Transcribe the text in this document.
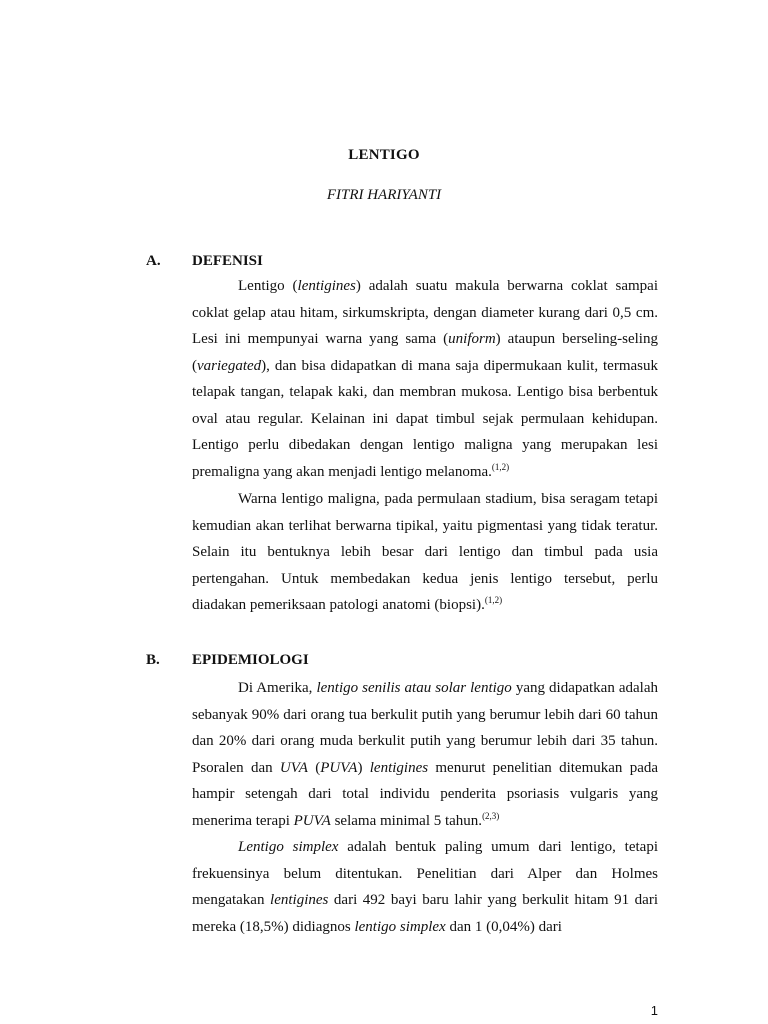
LENTIGO
FITRI HARIYANTI
A. DEFENISI

Lentigo (lentigines) adalah suatu makula berwarna coklat sampai coklat gelap atau hitam, sirkumskripta, dengan diameter kurang dari 0,5 cm. Lesi ini mempunyai warna yang sama (uniform) ataupun berseling-seling (variegated), dan bisa didapatkan di mana saja dipermukaan kulit, termasuk telapak tangan, telapak kaki, dan membran mukosa. Lentigo bisa berbentuk oval atau regular. Kelainan ini dapat timbul sejak permulaan kehidupan. Lentigo perlu dibedakan dengan lentigo maligna yang merupakan lesi premaligna yang akan menjadi lentigo melanoma.$^{(1,2)}$

Warna lentigo maligna, pada permulaan stadium, bisa seragam tetapi kemudian akan terlihat berwarna tipikal, yaitu pigmentasi yang tidak teratur. Selain itu bentuknya lebih besar dari lentigo dan timbul pada usia pertengahan. Untuk membedakan kedua jenis lentigo tersebut, perlu diadakan pemeriksaan patologi anatomi (biopsi).$^{(1,2)}$

B. EPIDEMIOLOGI

Di Amerika, lentigo senilis atau solar lentigo yang didapatkan adalah sebanyak 90% dari orang tua berkulit putih yang berumur lebih dari 60 tahun dan 20% dari orang muda berkulit putih yang berumur lebih dari 35 tahun. Psoralen dan UVA (PUVA) lentigines menurut penelitian ditemukan pada hampir setengah dari total individu penderita psoriasis vulgaris yang menerima terapi PUVA selama minimal 5 tahun.$^{(2,3)}$

Lentigo simplex adalah bentuk paling umum dari lentigo, tetapi frekuensinya belum ditentukan. Penelitian dari Alper dan Holmes mengatakan lentigines dari 492 bayi baru lahir yang berkulit hitam 91 dari mereka (18,5%) didiagnos lentigo simplex dan 1 (0,04%) dari

1
